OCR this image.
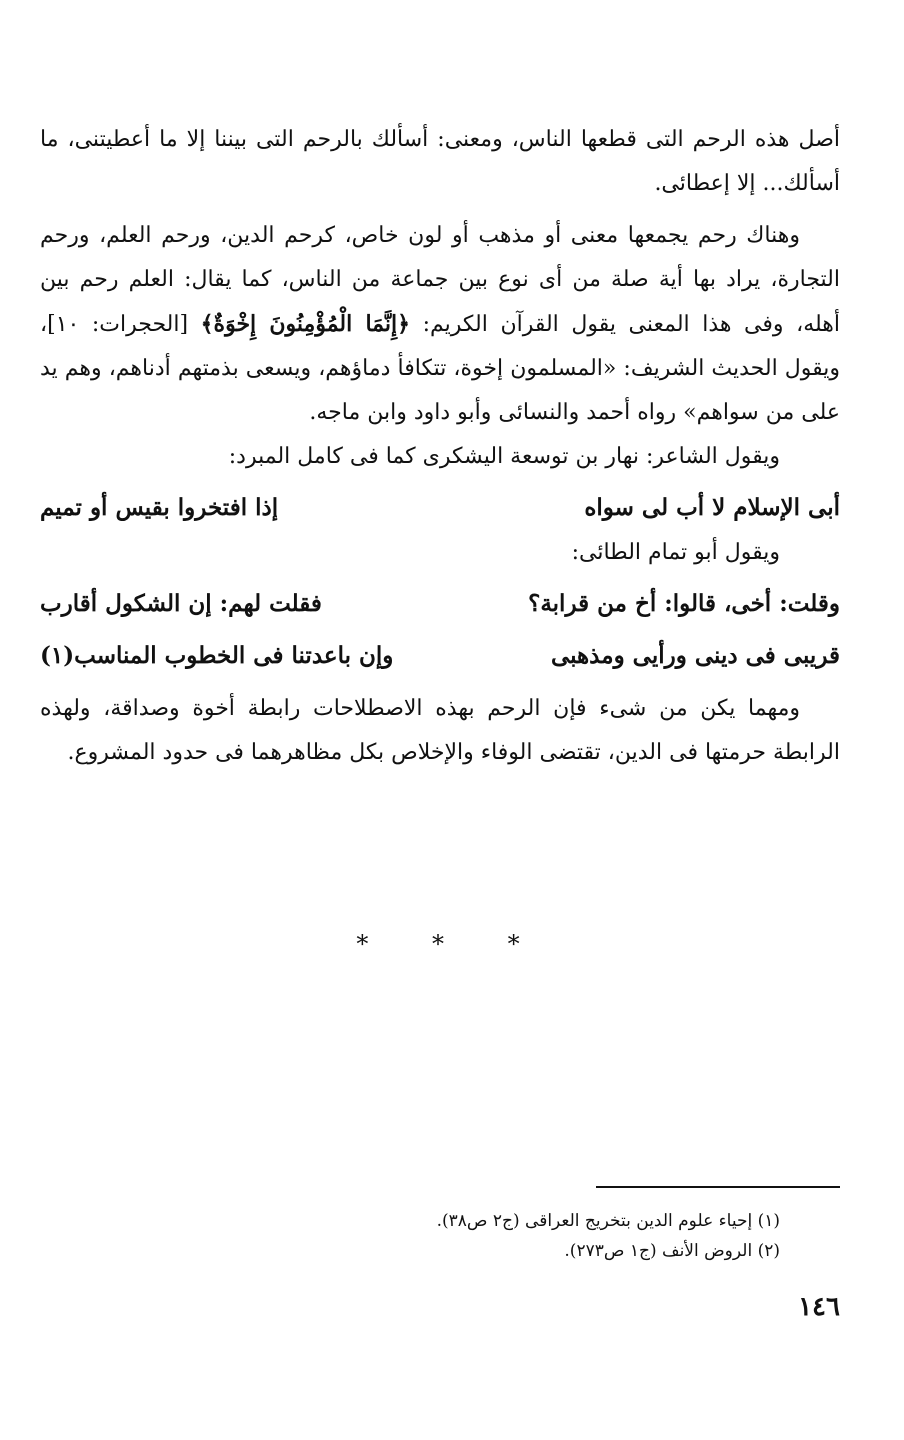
أصل هذه الرحم التى قطعها الناس، ومعنى: أسألك بالرحم التى بيننا إلا ما أعطيتنى، ما أسألك... إلا إعطائى.

وهناك رحم يجمعها معنى أو مذهب أو لون خاص، كرحم الدين، ورحم العلم، ورحم التجارة، يراد بها أية صلة من أى نوع بين جماعة من الناس، كما يقال: العلم رحم بين أهله، وفى هذا المعنى يقول القرآن الكريم: ﴿إِنَّمَا الْمُؤْمِنُونَ إِخْوَةٌ﴾ [الحجرات: ١٠]، ويقول الحديث الشريف: «المسلمون إخوة، تتكافأ دماؤهم، ويسعى بذمتهم أدناهم، وهم يد على من سواهم» رواه أحمد والنسائى وأبو داود وابن ماجه.

ويقول الشاعر: نهار بن توسعة اليشكرى كما فى كامل المبرد:

أبى الإسلام لا أب لى سواه
إذا افتخروا بقيس أو تميم

ويقول أبو تمام الطائى:

وقلت: أخى، قالوا: أخ من قرابة؟
فقلت لهم: إن الشكول أقارب
قريبى فى دينى ورأيى ومذهبى
وإن باعدتنا فى الخطوب المناسب(١)

ومهما يكن من شىء فإن الرحم بهذه الاصطلاحات رابطة أخوة وصداقة، ولهذه الرابطة حرمتها فى الدين، تقتضى الوفاء والإخلاص بكل مظاهرهما فى حدود المشروع.

* * *

(١) إحياء علوم الدين بتخريج العراقى (ج٢ ص٣٨).

(٢) الروض الأنف (ج١ ص٢٧٣).

١٤٦
